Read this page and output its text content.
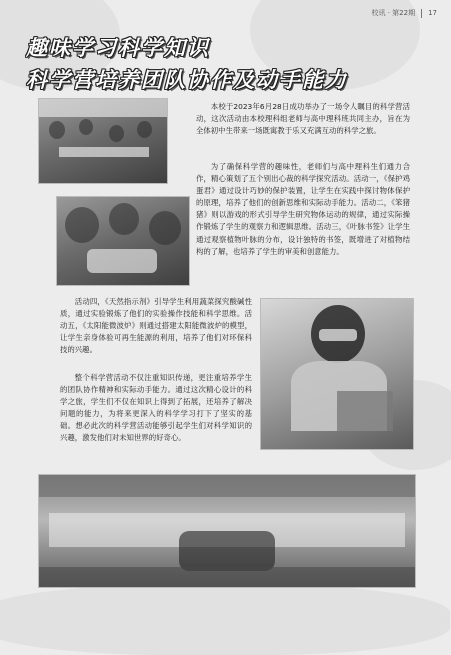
校讯 · 第22期 17
趣味学习科学知识
科学营培养团队协作及动手能力

本校于2023年6月28日成功举办了一场令人瞩目的科学营活动，这次活动由本校理科组老师与高中理科班共同主办，旨在为全体初中生带来一场既寓教于乐又充满互动的科学之旅。

为了确保科学营的趣味性，老师们与高中理科生们通力合作，精心策划了五个别出心裁的科学探究活动。活动一，《保护鸡蛋君》通过设计巧妙的保护装置，让学生在实践中探讨物体保护的原理，培养了他们的创新思维和实际动手能力。活动二，《笨猪猪》则以游戏的形式引导学生研究物体运动的规律，通过实际操作锻炼了学生的观察力和逻辑思维。活动三，《叶脉书签》让学生通过观察植物叶脉的分布，设计独特的书签，既增进了对植物结构的了解，也培养了学生的审美和创意能力。

活动四，《天然指示剂》引导学生利用蔬菜探究酸碱性质，通过实验锻炼了他们的实验操作技能和科学思维。活动五，《太阳能微波炉》则通过搭建太阳能微波炉的模型，让学生亲身体验可再生能源的利用，培养了他们对环保科技的兴趣。

整个科学营活动不仅注重知识传递，更注重培养学生的团队协作精神和实际动手能力。通过这次精心设计的科学之旅，学生们不仅在知识上得到了拓展，还培养了解决问题的能力，为将来更深入的科学学习打下了坚实的基础。想必此次的科学营活动能够引起学生们对科学知识的兴趣，激发他们对未知世界的好奇心。
